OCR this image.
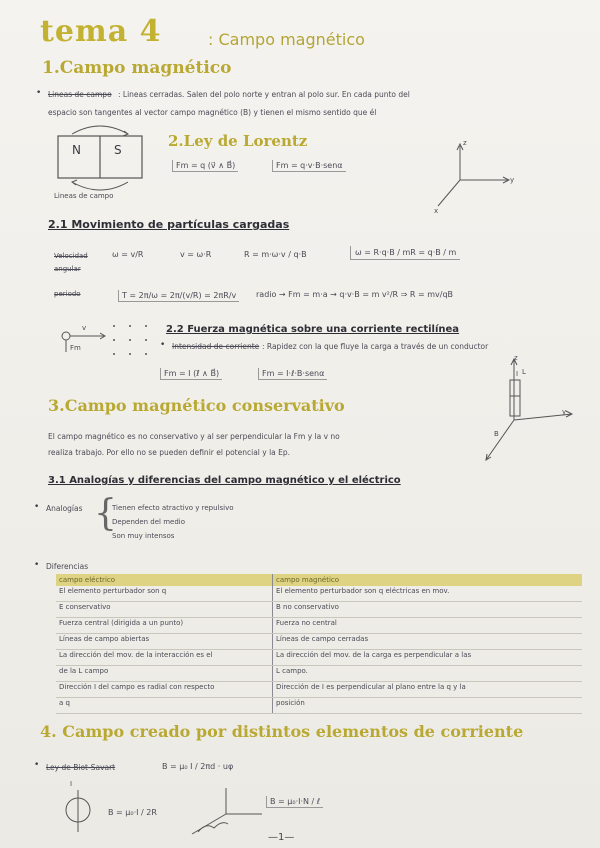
tema 4	: Campo magnético
1.Campo magnético
• Lineas de campo : Lineas cerradas. Salen del polo norte y entran al polo sur. En cada punto del
espacio son tangentes al vector campo magnético (B) y tienen el mismo sentido que él
N	S
Lineas de campo
2.Ley de Lorentz
Fm = q (v⃗ ∧ B⃗)	Fm = q·v·B·senα
z
y
x
2.1 Movimiento de partículas cargadas
Velocidad angular
ω = v/R	v = ω·R	R = m·ω·v / q·B	ω = R·q·B / mR = q·B / m
periodo	T = 2π/ω = 2π/(v/R) = 2πR/v	radio → Fm = m·a → q·v·B = m v²/R ⇒ R = mv/qB
v
Fm
2.2 Fuerza magnética sobre una corriente rectilínea
• Intensidad de corriente : Rapidez con la que fluye la carga a través de un conductor
Fm = I (ℓ⃗ ∧ B⃗)	Fm = I·ℓ·B·senα
z
I L
y
B
3.Campo magnético conservativo
El campo magnético es no conservativo y al ser perpendicular la Fm y la v no
realiza trabajo. Por ello no se pueden definir el potencial y la Ep.
3.1 Analogías y diferencias del campo magnético y el eléctrico
• Analogías {
Tienen efecto atractivo y repulsivo
Dependen del medio
Son muy intensos
• Diferencias
campo eléctrico	campo magnético
El elemento perturbador son q	El elemento perturbador son q eléctricas en mov.
E conservativo	B no conservativo
Fuerza central (dirigida a un punto)	Fuerza no central
Líneas de campo abiertas	Líneas de campo cerradas
La dirección del mov. de la interacción es el	La dirección del mov. de la carga es perpendicular a las
de la L campo	L campo.
Dirección I del campo es radial con respecto	Dirección de I es perpendicular al plano entre la q y la
a q	posición
4. Campo creado por distintos elementos de corriente
• Ley de Biot-Savart	B = μ₀ I / 2πd · uφ
I
B = μ₀·I / 2R
B = μ₀·I·N / ℓ
—1—
